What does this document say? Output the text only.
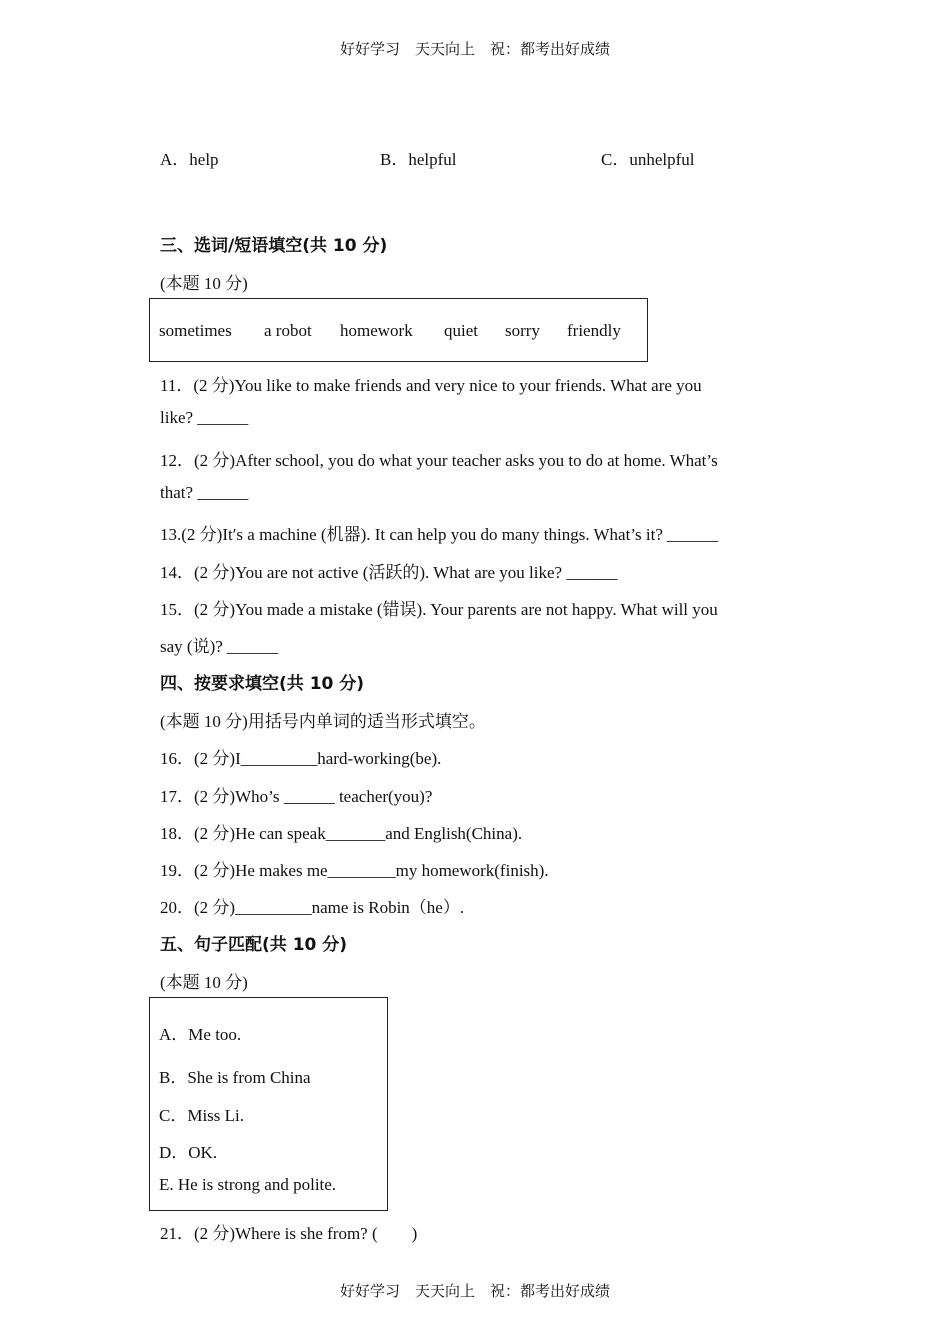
好好学习　天天向上　祝：都考出好成绩
A．help	B．helpful	C．unhelpful
三、选词/短语填空(共 10 分)
(本题 10 分)
sometimes a robot homework quiet sorry friendly
11．(2 分)You like to make friends and very nice to your friends. What are you
like? ______
12．(2 分)After school, you do what your teacher asks you to do at home. What’s
that? ______
13.(2 分)It′s a machine (机器). It can help you do many things. What’s it? ______
14．(2 分)You are not active (活跃的). What are you like? ______
15．(2 分)You made a mistake (错误). Your parents are not happy. What will you
say (说)? ______
四、按要求填空(共 10 分)
(本题 10 分)用括号内单词的适当形式填空。
16．(2 分)I_________hard-working(be).
17．(2 分)Who’s ______ teacher(you)?
18．(2 分)He can speak_______and English(China).
19．(2 分)He makes me________my homework(finish).
20．(2 分)_________name is Robin（he）.
五、句子匹配(共 10 分)
(本题 10 分)
A．Me too.
B．She is from China
C．Miss Li.
D．OK.
E. He is strong and polite.
21．(2 分)Where is she from? (　　)
好好学习　天天向上　祝：都考出好成绩
